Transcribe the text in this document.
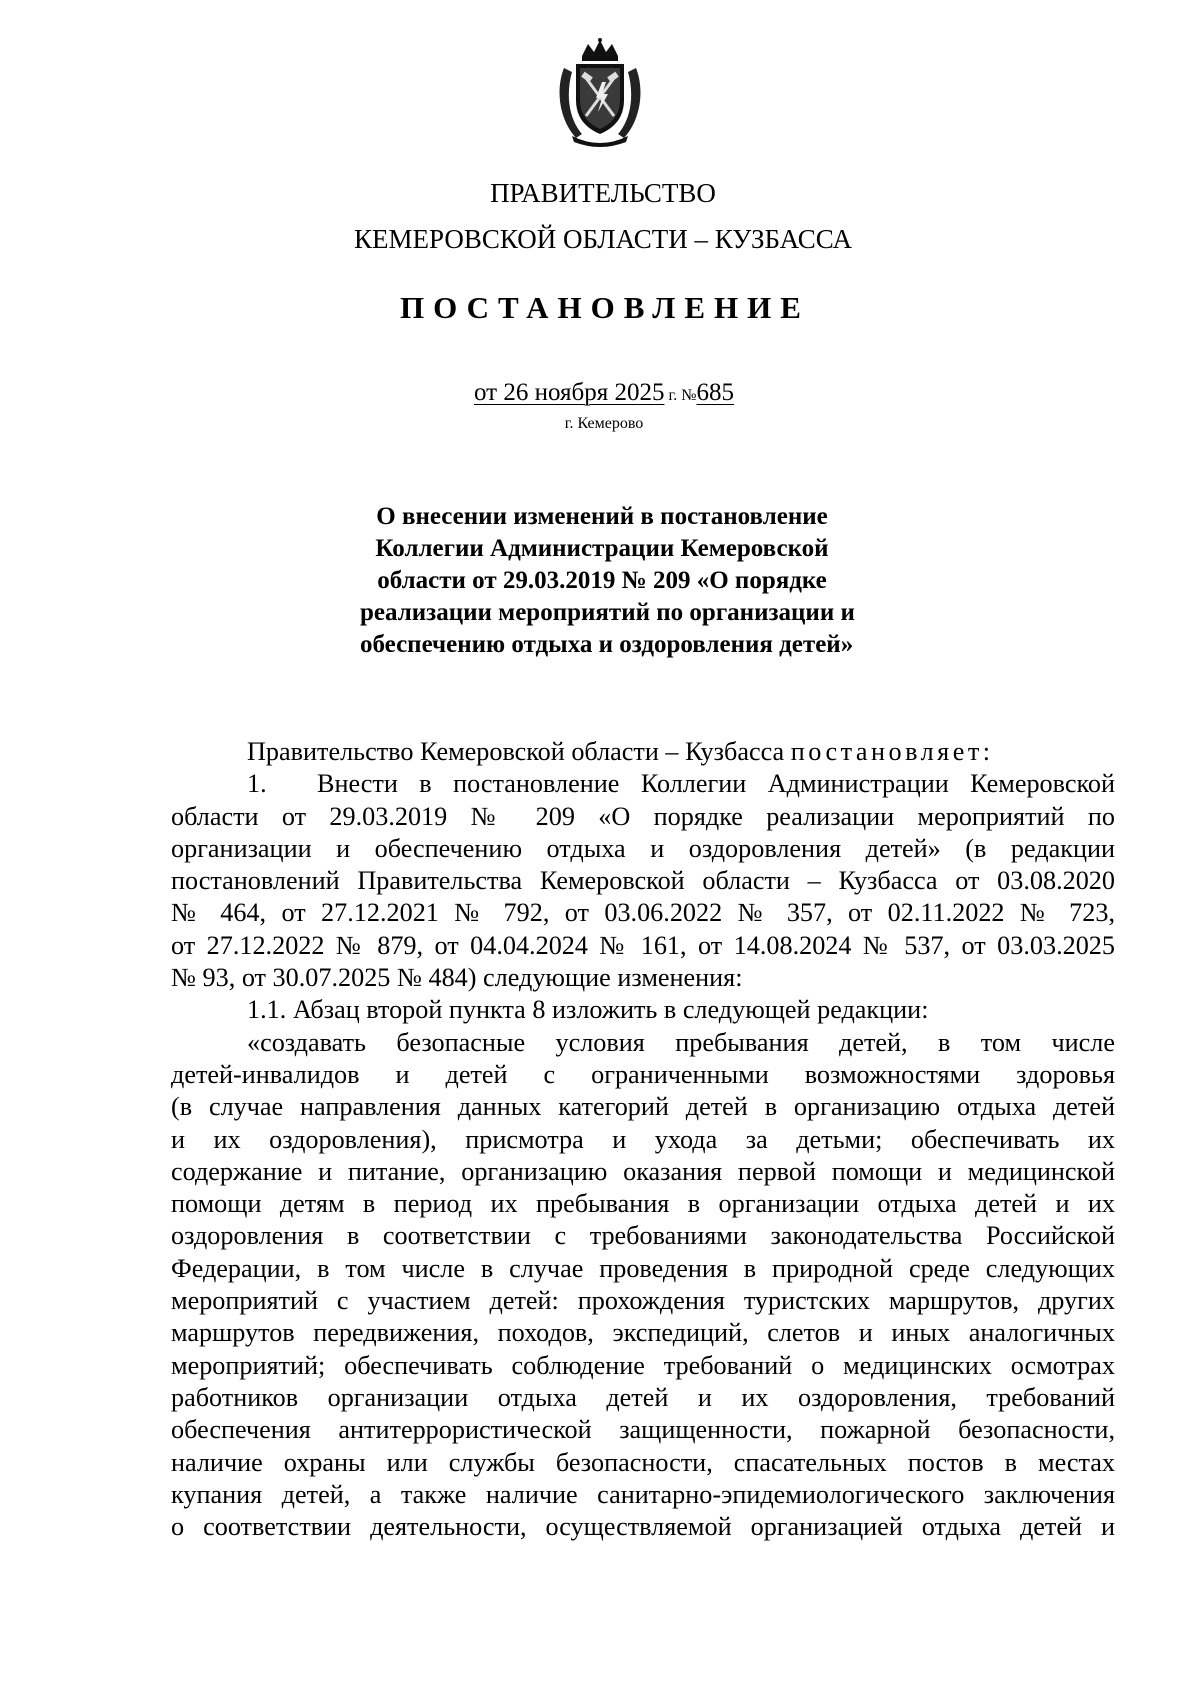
ПРАВИТЕЛЬСТВО
КЕМЕРОВСКОЙ ОБЛАСТИ – КУЗБАССА
ПОСТАНОВЛЕНИЕ
от 26 ноября 2025 г. №685
г. Кемерово
О внесении изменений в постановление
Коллегии Администрации Кемеровской
области от 29.03.2019 № 209 «О порядке
реализации мероприятий по организации и
обеспечению отдыха и оздоровления детей»
Правительство Кемеровской области – Кузбасса постановляет:
1. Внести в постановление Коллегии Администрации Кемеровской
области от 29.03.2019 № 209 «О порядке реализации мероприятий по
организации и обеспечению отдыха и оздоровления детей» (в редакции
постановлений Правительства Кемеровской области – Кузбасса от 03.08.2020
№ 464, от 27.12.2021 № 792, от 03.06.2022 № 357, от 02.11.2022 № 723,
от 27.12.2022 № 879, от 04.04.2024 № 161, от 14.08.2024 № 537, от 03.03.2025
№ 93, от 30.07.2025 № 484) следующие изменения:
1.1. Абзац второй пункта 8 изложить в следующей редакции:
«создавать безопасные условия пребывания детей, в том числе
детей-инвалидов и детей с ограниченными возможностями здоровья
(в случае направления данных категорий детей в организацию отдыха детей
и их оздоровления), присмотра и ухода за детьми; обеспечивать их
содержание и питание, организацию оказания первой помощи и медицинской
помощи детям в период их пребывания в организации отдыха детей и их
оздоровления в соответствии с требованиями законодательства Российской
Федерации, в том числе в случае проведения в природной среде следующих
мероприятий с участием детей: прохождения туристских маршрутов, других
маршрутов передвижения, походов, экспедиций, слетов и иных аналогичных
мероприятий; обеспечивать соблюдение требований о медицинских осмотрах
работников организации отдыха детей и их оздоровления, требований
обеспечения антитеррористической защищенности, пожарной безопасности,
наличие охраны или службы безопасности, спасательных постов в местах
купания детей, а также наличие санитарно-эпидемиологического заключения
о соответствии деятельности, осуществляемой организацией отдыха детей и
